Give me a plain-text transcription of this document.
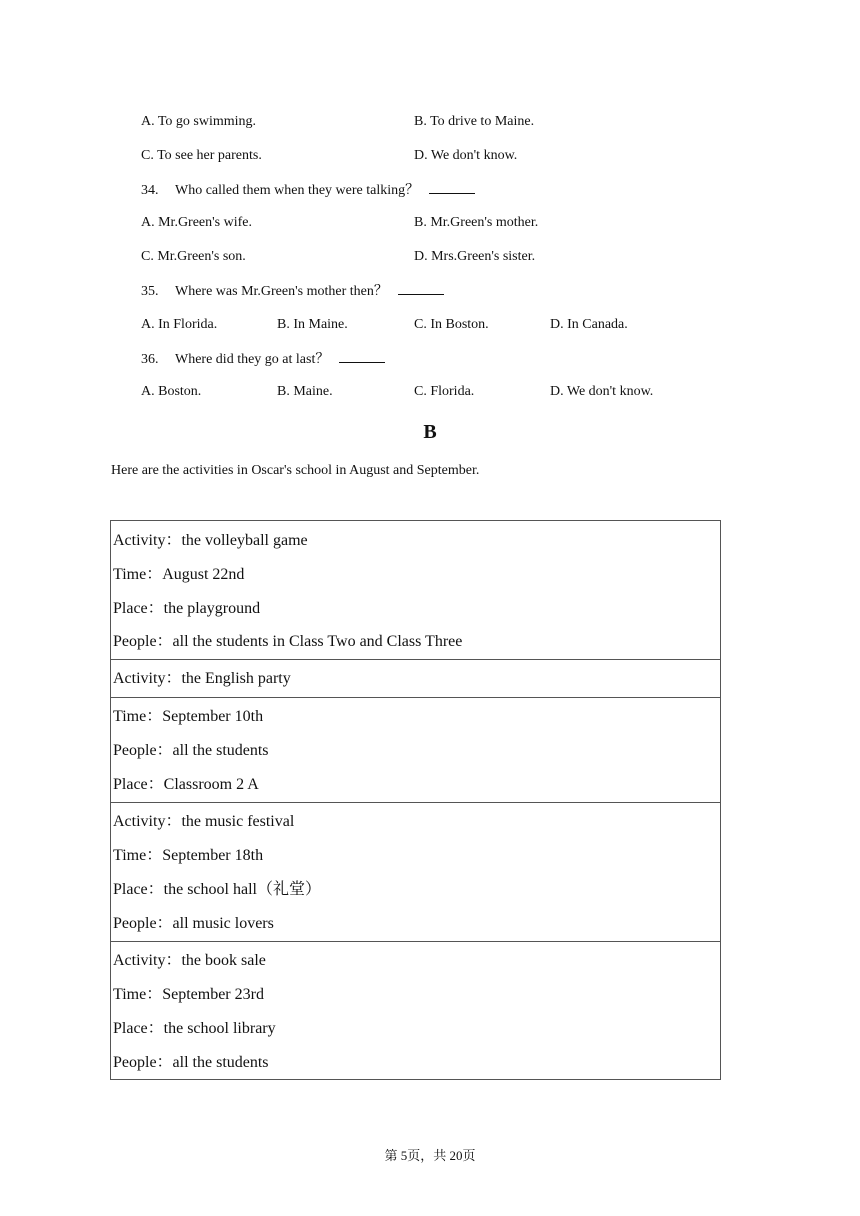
A. To go swimming.	B. To drive to Maine.
C. To see her parents.	D. We don't know.
34. Who called them when they were talking？
A. Mr.Green's wife.	B. Mr.Green's mother.
C. Mr.Green's son.	D. Mrs.Green's sister.
35. Where was Mr.Green's mother then？
A. In Florida.	B. In Maine.	C. In Boston.	D. In Canada.
36. Where did they go at last？
A. Boston.	B. Maine.	C. Florida.	D. We don't know.
B
Here are the activities in Oscar's school in August and September.
Activity：the volleyball game
Time：August 22nd
Place：the playground
People：all the students in Class Two and Class Three
Activity：the English party
Time：September 10th
People：all the students
Place：Classroom 2 A
Activity：the music festival
Time：September 18th
Place：the school hall（礼堂）
People：all music lovers
Activity：the book sale
Time：September 23rd
Place：the school library
People：all the students
第 5页，共 20页
